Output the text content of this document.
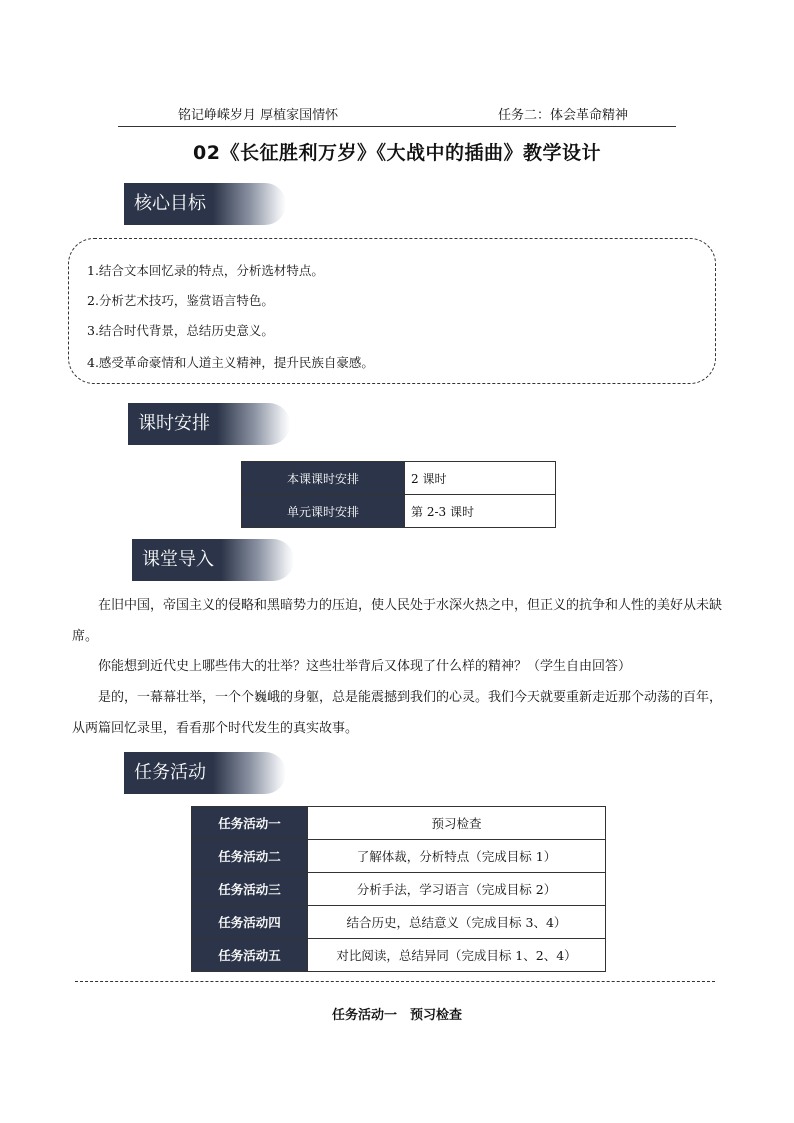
铭记峥嵘岁月 厚植家国情怀	任务二：体会革命精神
02《长征胜利万岁》《大战中的插曲》教学设计
核心目标
1.结合文本回忆录的特点，分析选材特点。
2.分析艺术技巧，鉴赏语言特色。
3.结合时代背景，总结历史意义。
4.感受革命豪情和人道主义精神，提升民族自豪感。
课时安排
本课课时安排	2 课时
单元课时安排	第 2-3 课时
课堂导入
在旧中国，帝国主义的侵略和黑暗势力的压迫，使人民处于水深火热之中，但正义的抗争和人性的美好从未缺席。
你能想到近代史上哪些伟大的壮举？这些壮举背后又体现了什么样的精神？（学生自由回答）
是的，一幕幕壮举，一个个巍峨的身躯，总是能震撼到我们的心灵。我们今天就要重新走近那个动荡的百年，从两篇回忆录里，看看那个时代发生的真实故事。
任务活动
任务活动一	预习检查
任务活动二	了解体裁，分析特点（完成目标 1）
任务活动三	分析手法，学习语言（完成目标 2）
任务活动四	结合历史，总结意义（完成目标 3、4）
任务活动五	对比阅读，总结异同（完成目标 1、2、4）
任务活动一　预习检查
